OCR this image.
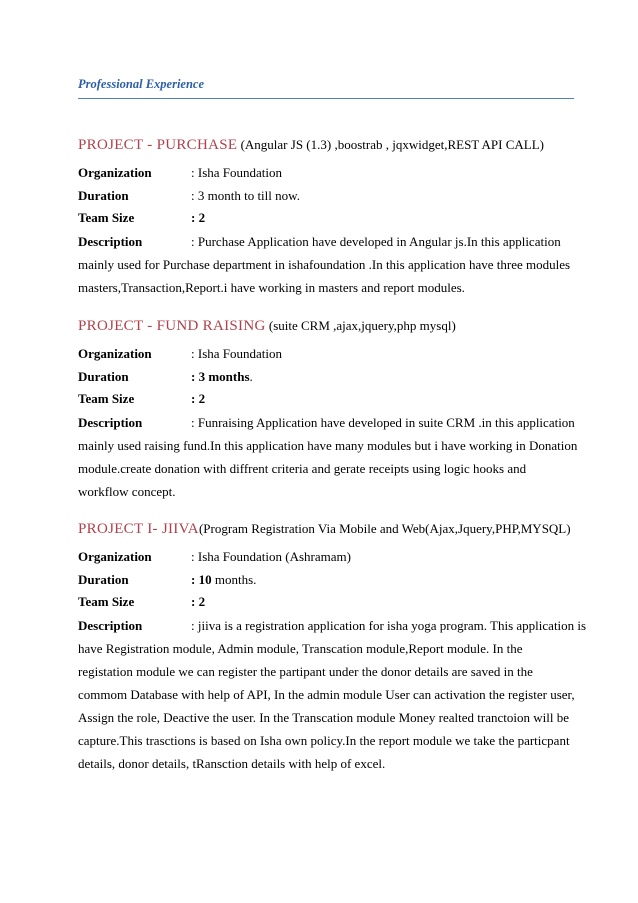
Professional Experience
PROJECT - PURCHASE (Angular JS (1.3) ,boostrab , jqxwidget,REST API CALL)
Organization	: Isha Foundation
Duration	: 3 month to till now.
Team Size	: 2
Description	: Purchase Application have developed in Angular js.In this application
mainly used for Purchase department in ishafoundation .In this application have three modules masters,Transaction,Report.i have working in masters and report modules.
PROJECT - FUND RAISING (suite CRM ,ajax,jquery,php mysql)
Organization	: Isha Foundation
Duration	: 3 months.
Team Size	: 2
Description	: Funraising Application have developed in suite CRM .in this application
mainly used raising fund.In this application have many modules but i have working in Donation module.create donation with diffrent criteria and gerate receipts using logic hooks and workflow concept.
PROJECT I- JIIVA(Program Registration Via Mobile and Web(Ajax,Jquery,PHP,MYSQL)
Organization	: Isha Foundation (Ashramam)
Duration	: 10 months.
Team Size	: 2
Description	: jiiva is a registration application for isha yoga program. This application is
have Registration module, Admin module, Transcation module,Report module. In the registation module we can register the partipant under the donor details are saved in the commom Database with help of API, In the admin module User can activation the register user, Assign the role, Deactive the user. In the Transcation module Money realted tranctoion will be capture.This trasctions is based on Isha own policy.In the report module we take the particpant details, donor details, tRansction details with help of excel.
